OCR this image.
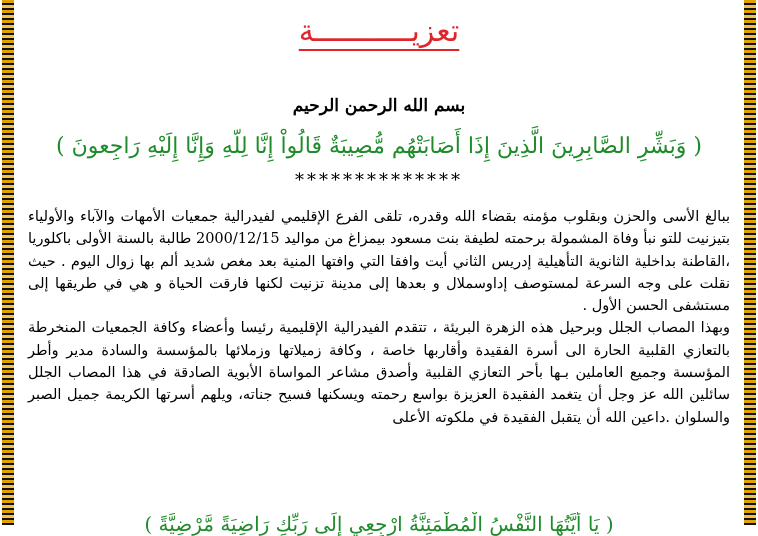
تعزيـــــــــــة
بسم الله الرحمن الرحيم
( وَبَشِّرِ الصَّابِرِينَ الَّذِينَ إِذَا أَصَابَتْهُم مُّصِيبَةٌ قَالُواْ إِنَّا لِلّهِ وَإِنَّا إِلَيْهِ رَاجِعونَ )
**************

ببالغ الأسى والحزن وبقلوب مؤمنه بقضاء الله وقدره، تلقى الفرع الإقليمي لفيدرالية جمعيات الأمهات والآباء والأولياء بتيزنيت للتو نبأ وفاة المشمولة برحمته لطيفة بنت مسعود بيمزاغ من مواليد 2000/12/15 طالبة بالسنة الأولى باكلوريا ،القاطنة بداخلية الثانوية التأهيلية إدريس الثاني أيت وافقا التي وافتها المنية بعد مغص شديد ألم بها زوال اليوم . حيث نقلت على وجه السرعة لمستوصف إداوسملال و بعدها إلى مدينة تزنيت لكنها فارقت الحياة و هي في طريقها إلى مستشفى الحسن الأول .

وبهذا المصاب الجلل وبرحيل هذه الزهرة البريئة ، تتقدم الفيدرالية الإقليمية رئيسا وأعضاء وكافة الجمعيات المنخرطة بالتعازي القلبية الحارة الى أسرة الفقيدة وأقاربها خاصة ، وكافة زميلاتها وزملائها بالمؤسسة والسادة مدير وأطر المؤسسة وجميع العاملين بـها بأحر التعازي القلبية وأصدق مشاعر المواساة الأبوية الصادقة في هذا المصاب الجلل سائلين الله عز وجل أن يتغمد الفقيدة العزيزة بواسع رحمته ويسكنها فسيح جناته، ويلهم أسرتها الكريمة جميل الصبر والسلوان .داعين الله أن يتقبل الفقيدة في ملكوته الأعلى

( يَا أَيَّتُهَا النَّفْسُ الْمُطْمَئِنَّةُ ارْجِعِي إِلَى رَبِّكِ رَاضِيَةً مَّرْضِيَّةً )
